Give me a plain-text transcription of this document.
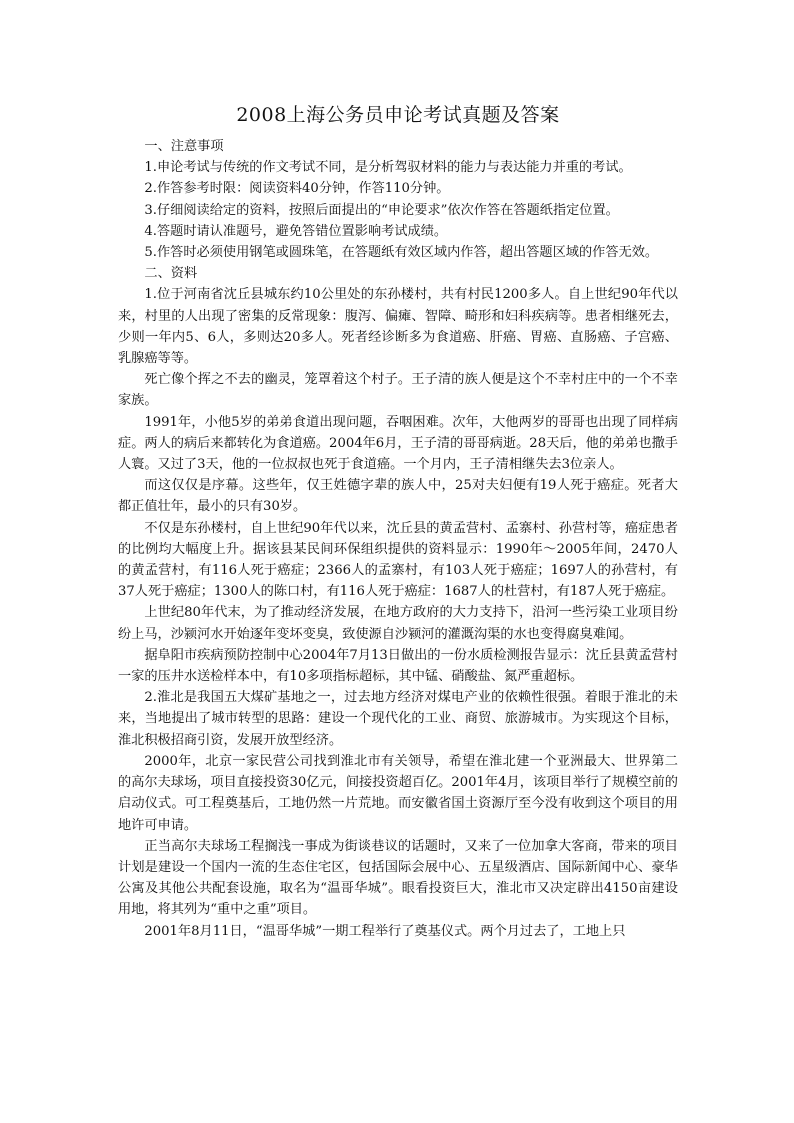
2008上海公务员申论考试真题及答案

一、注意事项

1.申论考试与传统的作文考试不同，是分析驾驭材料的能力与表达能力并重的考试。

2.作答参考时限：阅读资料40分钟，作答110分钟。

3.仔细阅读给定的资料，按照后面提出的“申论要求”依次作答在答题纸指定位置。

4.答题时请认准题号，避免答错位置影响考试成绩。

5.作答时必须使用钢笔或圆珠笔，在答题纸有效区域内作答，超出答题区域的作答无效。

二、资料

1.位于河南省沈丘县城东约10公里处的东孙楼村，共有村民1200多人。自上世纪90年代以来，村里的人出现了密集的反常现象：腹泻、偏瘫、智障、畸形和妇科疾病等。患者相继死去，少则一年内5、6人，多则达20多人。死者经诊断多为食道癌、肝癌、胃癌、直肠癌、子宫癌、乳腺癌等等。

死亡像个挥之不去的幽灵，笼罩着这个村子。王子清的族人便是这个不幸村庄中的一个不幸家族。

1991年，小他5岁的弟弟食道出现问题，吞咽困难。次年，大他两岁的哥哥也出现了同样病症。两人的病后来都转化为食道癌。2004年6月，王子清的哥哥病逝。28天后，他的弟弟也撒手人寰。又过了3天，他的一位叔叔也死于食道癌。一个月内，王子清相继失去3位亲人。

而这仅仅是序幕。这些年，仅王姓德字辈的族人中，25对夫妇便有19人死于癌症。死者大都正值壮年，最小的只有30岁。

不仅是东孙楼村，自上世纪90年代以来，沈丘县的黄孟营村、孟寨村、孙营村等，癌症患者的比例均大幅度上升。据该县某民间环保组织提供的资料显示：1990年～2005年间，2470人的黄孟营村，有116人死于癌症；2366人的孟寨村，有103人死于癌症；1697人的孙营村，有37人死于癌症；1300人的陈口村，有116人死于癌症：1687人的杜营村，有187人死于癌症。

上世纪80年代末，为了推动经济发展，在地方政府的大力支持下，沿河一些污染工业项目纷纷上马，沙颍河水开始逐年变坏变臭，致使源自沙颍河的灌溉沟渠的水也变得腐臭难闻。

据阜阳市疾病预防控制中心2004年7月13日做出的一份水质检测报告显示：沈丘县黄孟营村一家的压井水送检样本中，有10多项指标超标，其中锰、硝酸盐、氮严重超标。

2.淮北是我国五大煤矿基地之一，过去地方经济对煤电产业的依赖性很强。着眼于淮北的未来，当地提出了城市转型的思路：建设一个现代化的工业、商贸、旅游城市。为实现这个目标，淮北积极招商引资，发展开放型经济。

2000年，北京一家民营公司找到淮北市有关领导，希望在淮北建一个亚洲最大、世界第二的高尔夫球场，项目直接投资30亿元，间接投资超百亿。2001年4月，该项目举行了规模空前的启动仪式。可工程奠基后，工地仍然一片荒地。而安徽省国土资源厅至今没有收到这个项目的用地许可申请。

正当高尔夫球场工程搁浅一事成为街谈巷议的话题时，又来了一位加拿大客商，带来的项目计划是建设一个国内一流的生态住宅区，包括国际会展中心、五星级酒店、国际新闻中心、豪华公寓及其他公共配套设施，取名为“温哥华城”。眼看投资巨大，淮北市又决定辟出4150亩建设用地，将其列为“重中之重”项目。

2001年8月11日，“温哥华城”一期工程举行了奠基仪式。两个月过去了，工地上只
